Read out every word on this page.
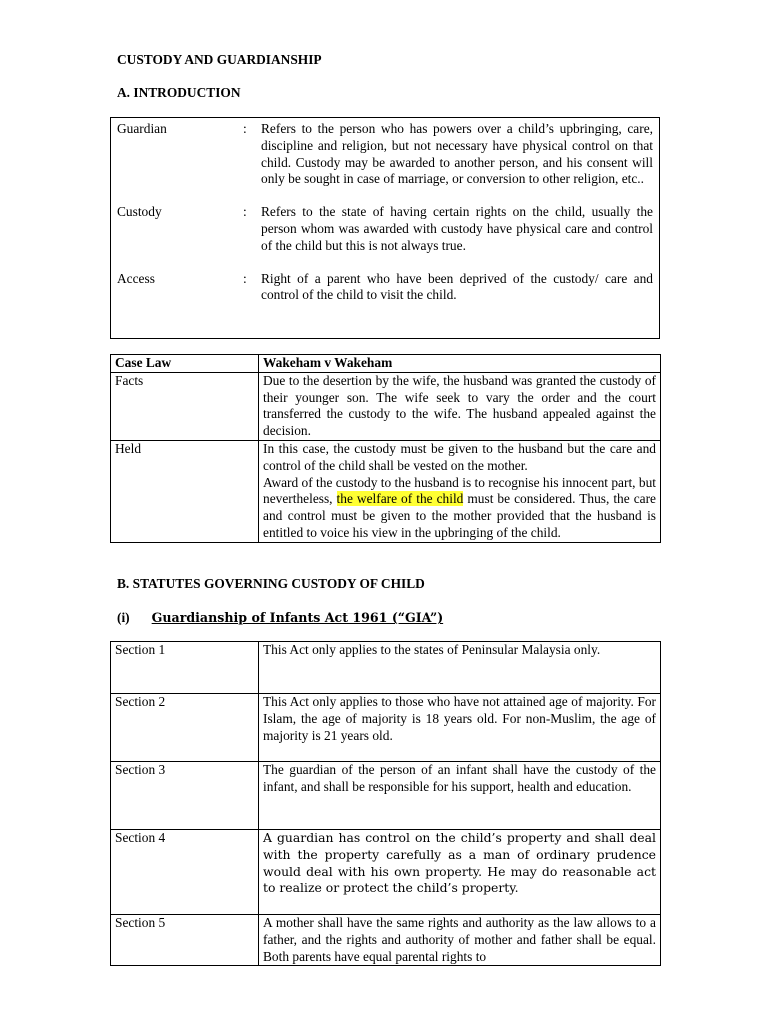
CUSTODY AND GUARDIANSHIP
A. INTRODUCTION
Guardian	:	Refers to the person who has powers over a child’s upbringing, care, discipline and religion, but not necessary have physical control on that child. Custody may be awarded to another person, and his consent will only be sought in case of marriage, or conversion to other religion, etc..

Custody	:	Refers to the state of having certain rights on the child, usually the person whom was awarded with custody have physical care and control of the child but this is not always true.

Access	:	Right of a parent who have been deprived of the custody/ care and control of the child to visit the child.
Case Law	Wakeham v Wakeham
Facts	Due to the desertion by the wife, the husband was granted the custody of their younger son. The wife seek to vary the order and the court transferred the custody to the wife. The husband appealed against the decision.
Held	In this case, the custody must be given to the husband but the care and control of the child shall be vested on the mother.
Award of the custody to the husband is to recognise his innocent part, but nevertheless, the welfare of the child must be considered. Thus, the care and control must be given to the mother provided that the husband is entitled to voice his view in the upbringing of the child.
B. STATUTES GOVERNING CUSTODY OF CHILD
(i) Guardianship of Infants Act 1961 (“GIA”)
Section 1	This Act only applies to the states of Peninsular Malaysia only.
Section 2	This Act only applies to those who have not attained age of majority. For Islam, the age of majority is 18 years old. For non-Muslim, the age of majority is 21 years old.
Section 3	The guardian of the person of an infant shall have the custody of the infant, and shall be responsible for his support, health and education.
Section 4	A guardian has control on the child’s property and shall deal with the property carefully as a man of ordinary prudence would deal with his own property. He may do reasonable act to realize or protect the child’s property.
Section 5	A mother shall have the same rights and authority as the law allows to a father, and the rights and authority of mother and father shall be equal. Both parents have equal parental rights to
